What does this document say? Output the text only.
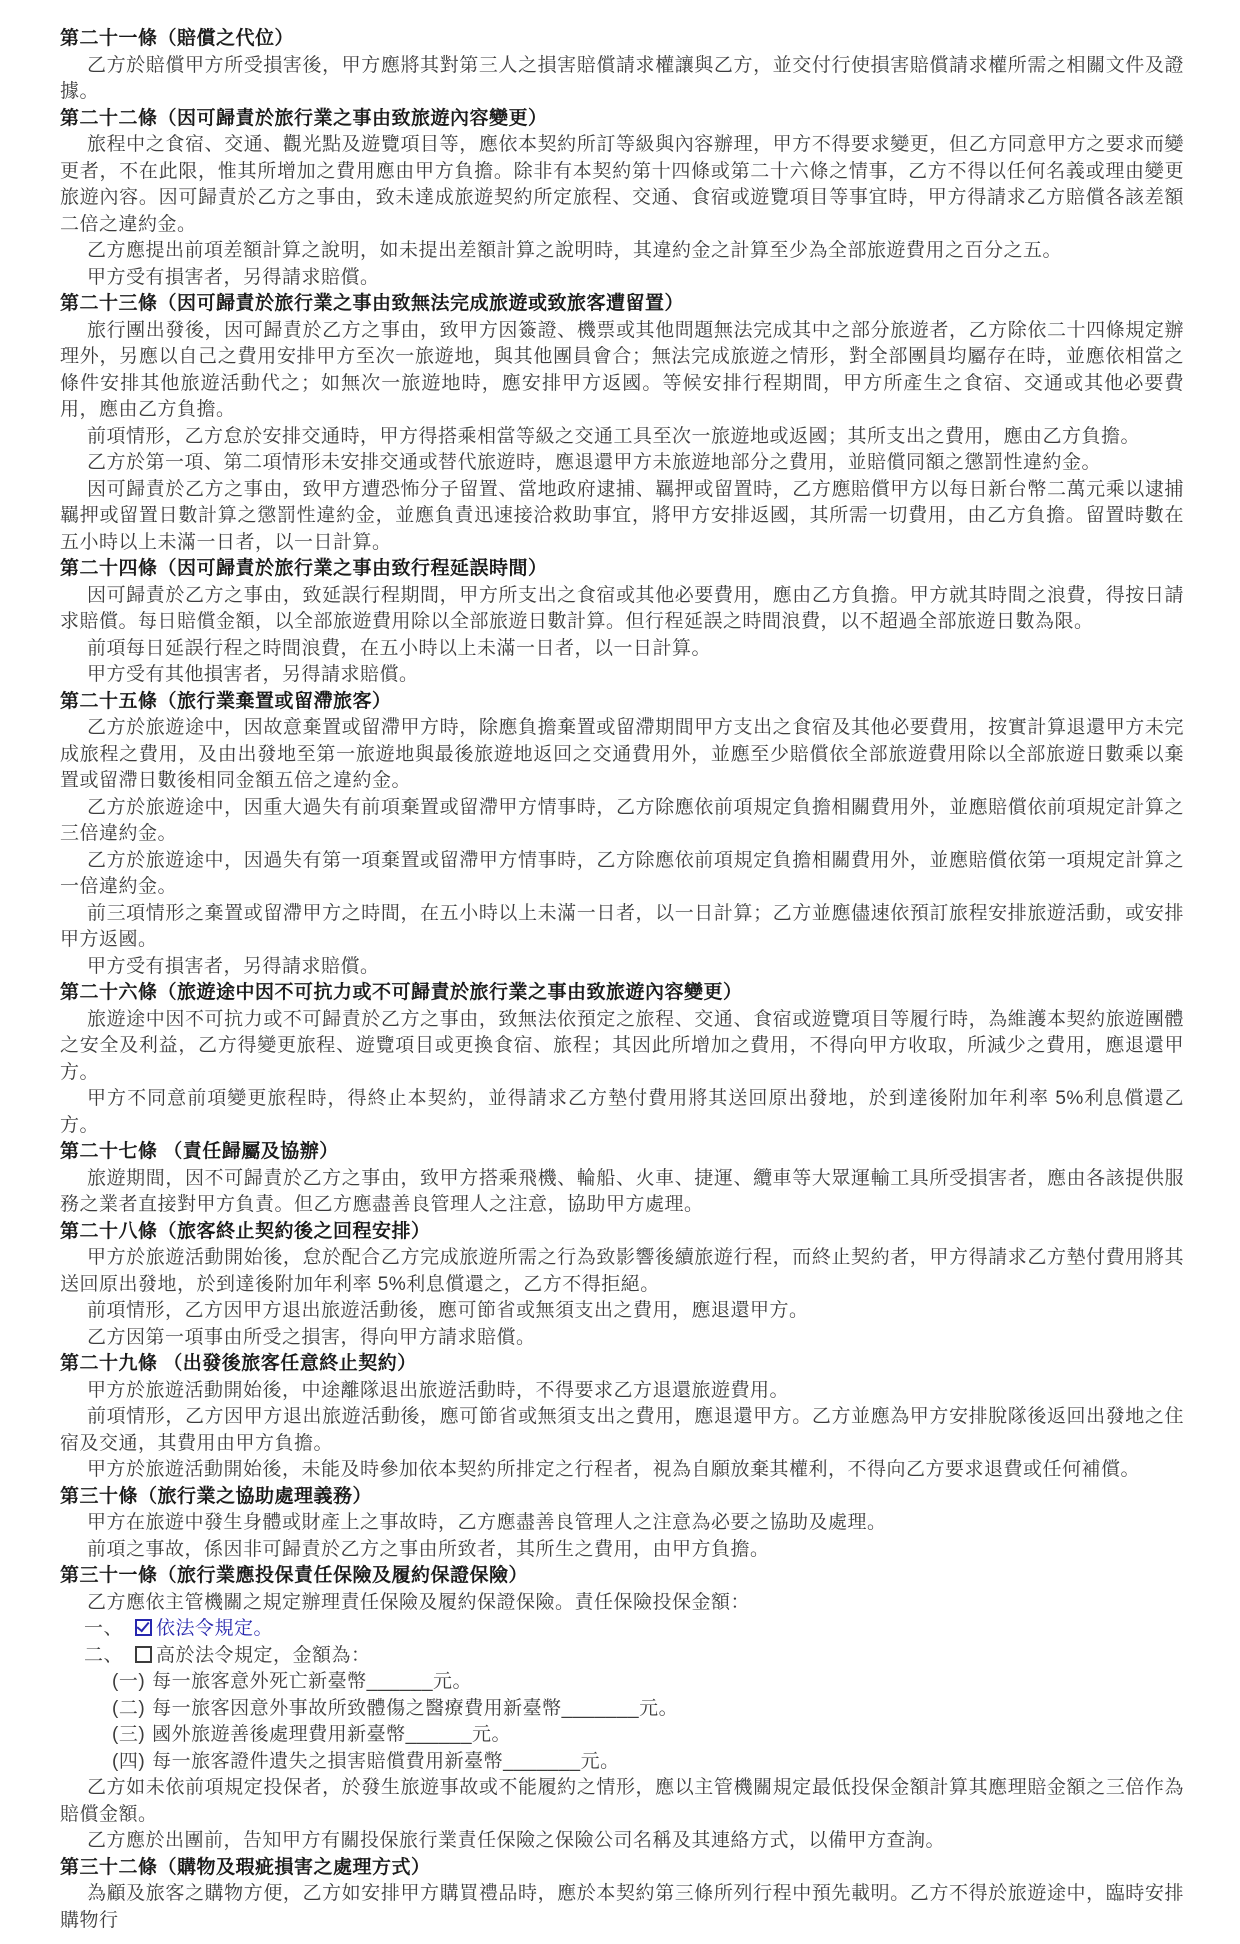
第二十一條（賠償之代位）
乙方於賠償甲方所受損害後，甲方應將其對第三人之損害賠償請求權讓與乙方，並交付行使損害賠償請求權所需之相關文件及證據。
第二十二條（因可歸責於旅行業之事由致旅遊內容變更）
旅程中之食宿、交通、觀光點及遊覽項目等，應依本契約所訂等級與內容辦理，甲方不得要求變更，但乙方同意甲方之要求而變更者，不在此限，惟其所增加之費用應由甲方負擔。除非有本契約第十四條或第二十六條之情事，乙方不得以任何名義或理由變更旅遊內容。因可歸責於乙方之事由，致未達成旅遊契約所定旅程、交通、食宿或遊覽項目等事宜時，甲方得請求乙方賠償各該差額二倍之違約金。
乙方應提出前項差額計算之說明，如未提出差額計算之說明時，其違約金之計算至少為全部旅遊費用之百分之五。
甲方受有損害者，另得請求賠償。
第二十三條（因可歸責於旅行業之事由致無法完成旅遊或致旅客遭留置）
旅行團出發後，因可歸責於乙方之事由，致甲方因簽證、機票或其他問題無法完成其中之部分旅遊者，乙方除依二十四條規定辦理外，另應以自己之費用安排甲方至次一旅遊地，與其他團員會合；無法完成旅遊之情形，對全部團員均屬存在時，並應依相當之條件安排其他旅遊活動代之；如無次一旅遊地時，應安排甲方返國。等候安排行程期間，甲方所產生之食宿、交通或其他必要費用，應由乙方負擔。
前項情形，乙方怠於安排交通時，甲方得搭乘相當等級之交通工具至次一旅遊地或返國；其所支出之費用，應由乙方負擔。
乙方於第一項、第二項情形未安排交通或替代旅遊時，應退還甲方未旅遊地部分之費用，並賠償同額之懲罰性違約金。
因可歸責於乙方之事由，致甲方遭恐怖分子留置、當地政府逮捕、羈押或留置時，乙方應賠償甲方以每日新台幣二萬元乘以逮捕羈押或留置日數計算之懲罰性違約金，並應負責迅速接洽救助事宜，將甲方安排返國，其所需一切費用，由乙方負擔。留置時數在五小時以上未滿一日者，以一日計算。
第二十四條（因可歸責於旅行業之事由致行程延誤時間）
因可歸責於乙方之事由，致延誤行程期間，甲方所支出之食宿或其他必要費用，應由乙方負擔。甲方就其時間之浪費，得按日請求賠償。每日賠償金額，以全部旅遊費用除以全部旅遊日數計算。但行程延誤之時間浪費，以不超過全部旅遊日數為限。
前項每日延誤行程之時間浪費，在五小時以上未滿一日者，以一日計算。
甲方受有其他損害者，另得請求賠償。
第二十五條（旅行業棄置或留滯旅客）
乙方於旅遊途中，因故意棄置或留滯甲方時，除應負擔棄置或留滯期間甲方支出之食宿及其他必要費用，按實計算退還甲方未完成旅程之費用，及由出發地至第一旅遊地與最後旅遊地返回之交通費用外，並應至少賠償依全部旅遊費用除以全部旅遊日數乘以棄置或留滯日數後相同金額五倍之違約金。
乙方於旅遊途中，因重大過失有前項棄置或留滯甲方情事時，乙方除應依前項規定負擔相關費用外，並應賠償依前項規定計算之三倍違約金。
乙方於旅遊途中，因過失有第一項棄置或留滯甲方情事時，乙方除應依前項規定負擔相關費用外，並應賠償依第一項規定計算之一倍違約金。
前三項情形之棄置或留滯甲方之時間，在五小時以上未滿一日者，以一日計算；乙方並應儘速依預訂旅程安排旅遊活動，或安排甲方返國。
甲方受有損害者，另得請求賠償。
第二十六條（旅遊途中因不可抗力或不可歸責於旅行業之事由致旅遊內容變更）
旅遊途中因不可抗力或不可歸責於乙方之事由，致無法依預定之旅程、交通、食宿或遊覽項目等履行時，為維護本契約旅遊團體之安全及利益，乙方得變更旅程、遊覽項目或更換食宿、旅程；其因此所增加之費用，不得向甲方收取，所減少之費用，應退還甲方。
甲方不同意前項變更旅程時，得終止本契約，並得請求乙方墊付費用將其送回原出發地，於到達後附加年利率 5%利息償還乙方。
第二十七條 （責任歸屬及協辦）
旅遊期間，因不可歸責於乙方之事由，致甲方搭乘飛機、輪船、火車、捷運、纜車等大眾運輸工具所受損害者，應由各該提供服務之業者直接對甲方負責。但乙方應盡善良管理人之注意，協助甲方處理。
第二十八條（旅客終止契約後之回程安排）
甲方於旅遊活動開始後，怠於配合乙方完成旅遊所需之行為致影響後續旅遊行程，而終止契約者，甲方得請求乙方墊付費用將其送回原出發地，於到達後附加年利率 5%利息償還之，乙方不得拒絕。
前項情形，乙方因甲方退出旅遊活動後，應可節省或無須支出之費用，應退還甲方。
乙方因第一項事由所受之損害，得向甲方請求賠償。
第二十九條 （出發後旅客任意終止契約）
甲方於旅遊活動開始後，中途離隊退出旅遊活動時，不得要求乙方退還旅遊費用。
前項情形，乙方因甲方退出旅遊活動後，應可節省或無須支出之費用，應退還甲方。乙方並應為甲方安排脫隊後返回出發地之住宿及交通，其費用由甲方負擔。
甲方於旅遊活動開始後，未能及時參加依本契約所排定之行程者，視為自願放棄其權利，不得向乙方要求退費或任何補償。
第三十條（旅行業之協助處理義務）
甲方在旅遊中發生身體或財產上之事故時，乙方應盡善良管理人之注意為必要之協助及處理。
前項之事故，係因非可歸責於乙方之事由所致者，其所生之費用，由甲方負擔。
第三十一條（旅行業應投保責任保險及履約保證保險）
乙方應依主管機關之規定辦理責任保險及履約保證保險。責任保險投保金額：
一、 依法令規定。
二、 高於法令規定，金額為：
(一) 每一旅客意外死亡新臺幣______元。
(二) 每一旅客因意外事故所致體傷之醫療費用新臺幣_______元。
(三) 國外旅遊善後處理費用新臺幣______元。
(四) 每一旅客證件遺失之損害賠償費用新臺幣_______元。
乙方如未依前項規定投保者，於發生旅遊事故或不能履約之情形，應以主管機關規定最低投保金額計算其應理賠金額之三倍作為賠償金額。
乙方應於出團前，告知甲方有關投保旅行業責任保險之保險公司名稱及其連絡方式，以備甲方查詢。
第三十二條（購物及瑕疵損害之處理方式）
為顧及旅客之購物方便，乙方如安排甲方購買禮品時，應於本契約第三條所列行程中預先載明。乙方不得於旅遊途中，臨時安排購物行
